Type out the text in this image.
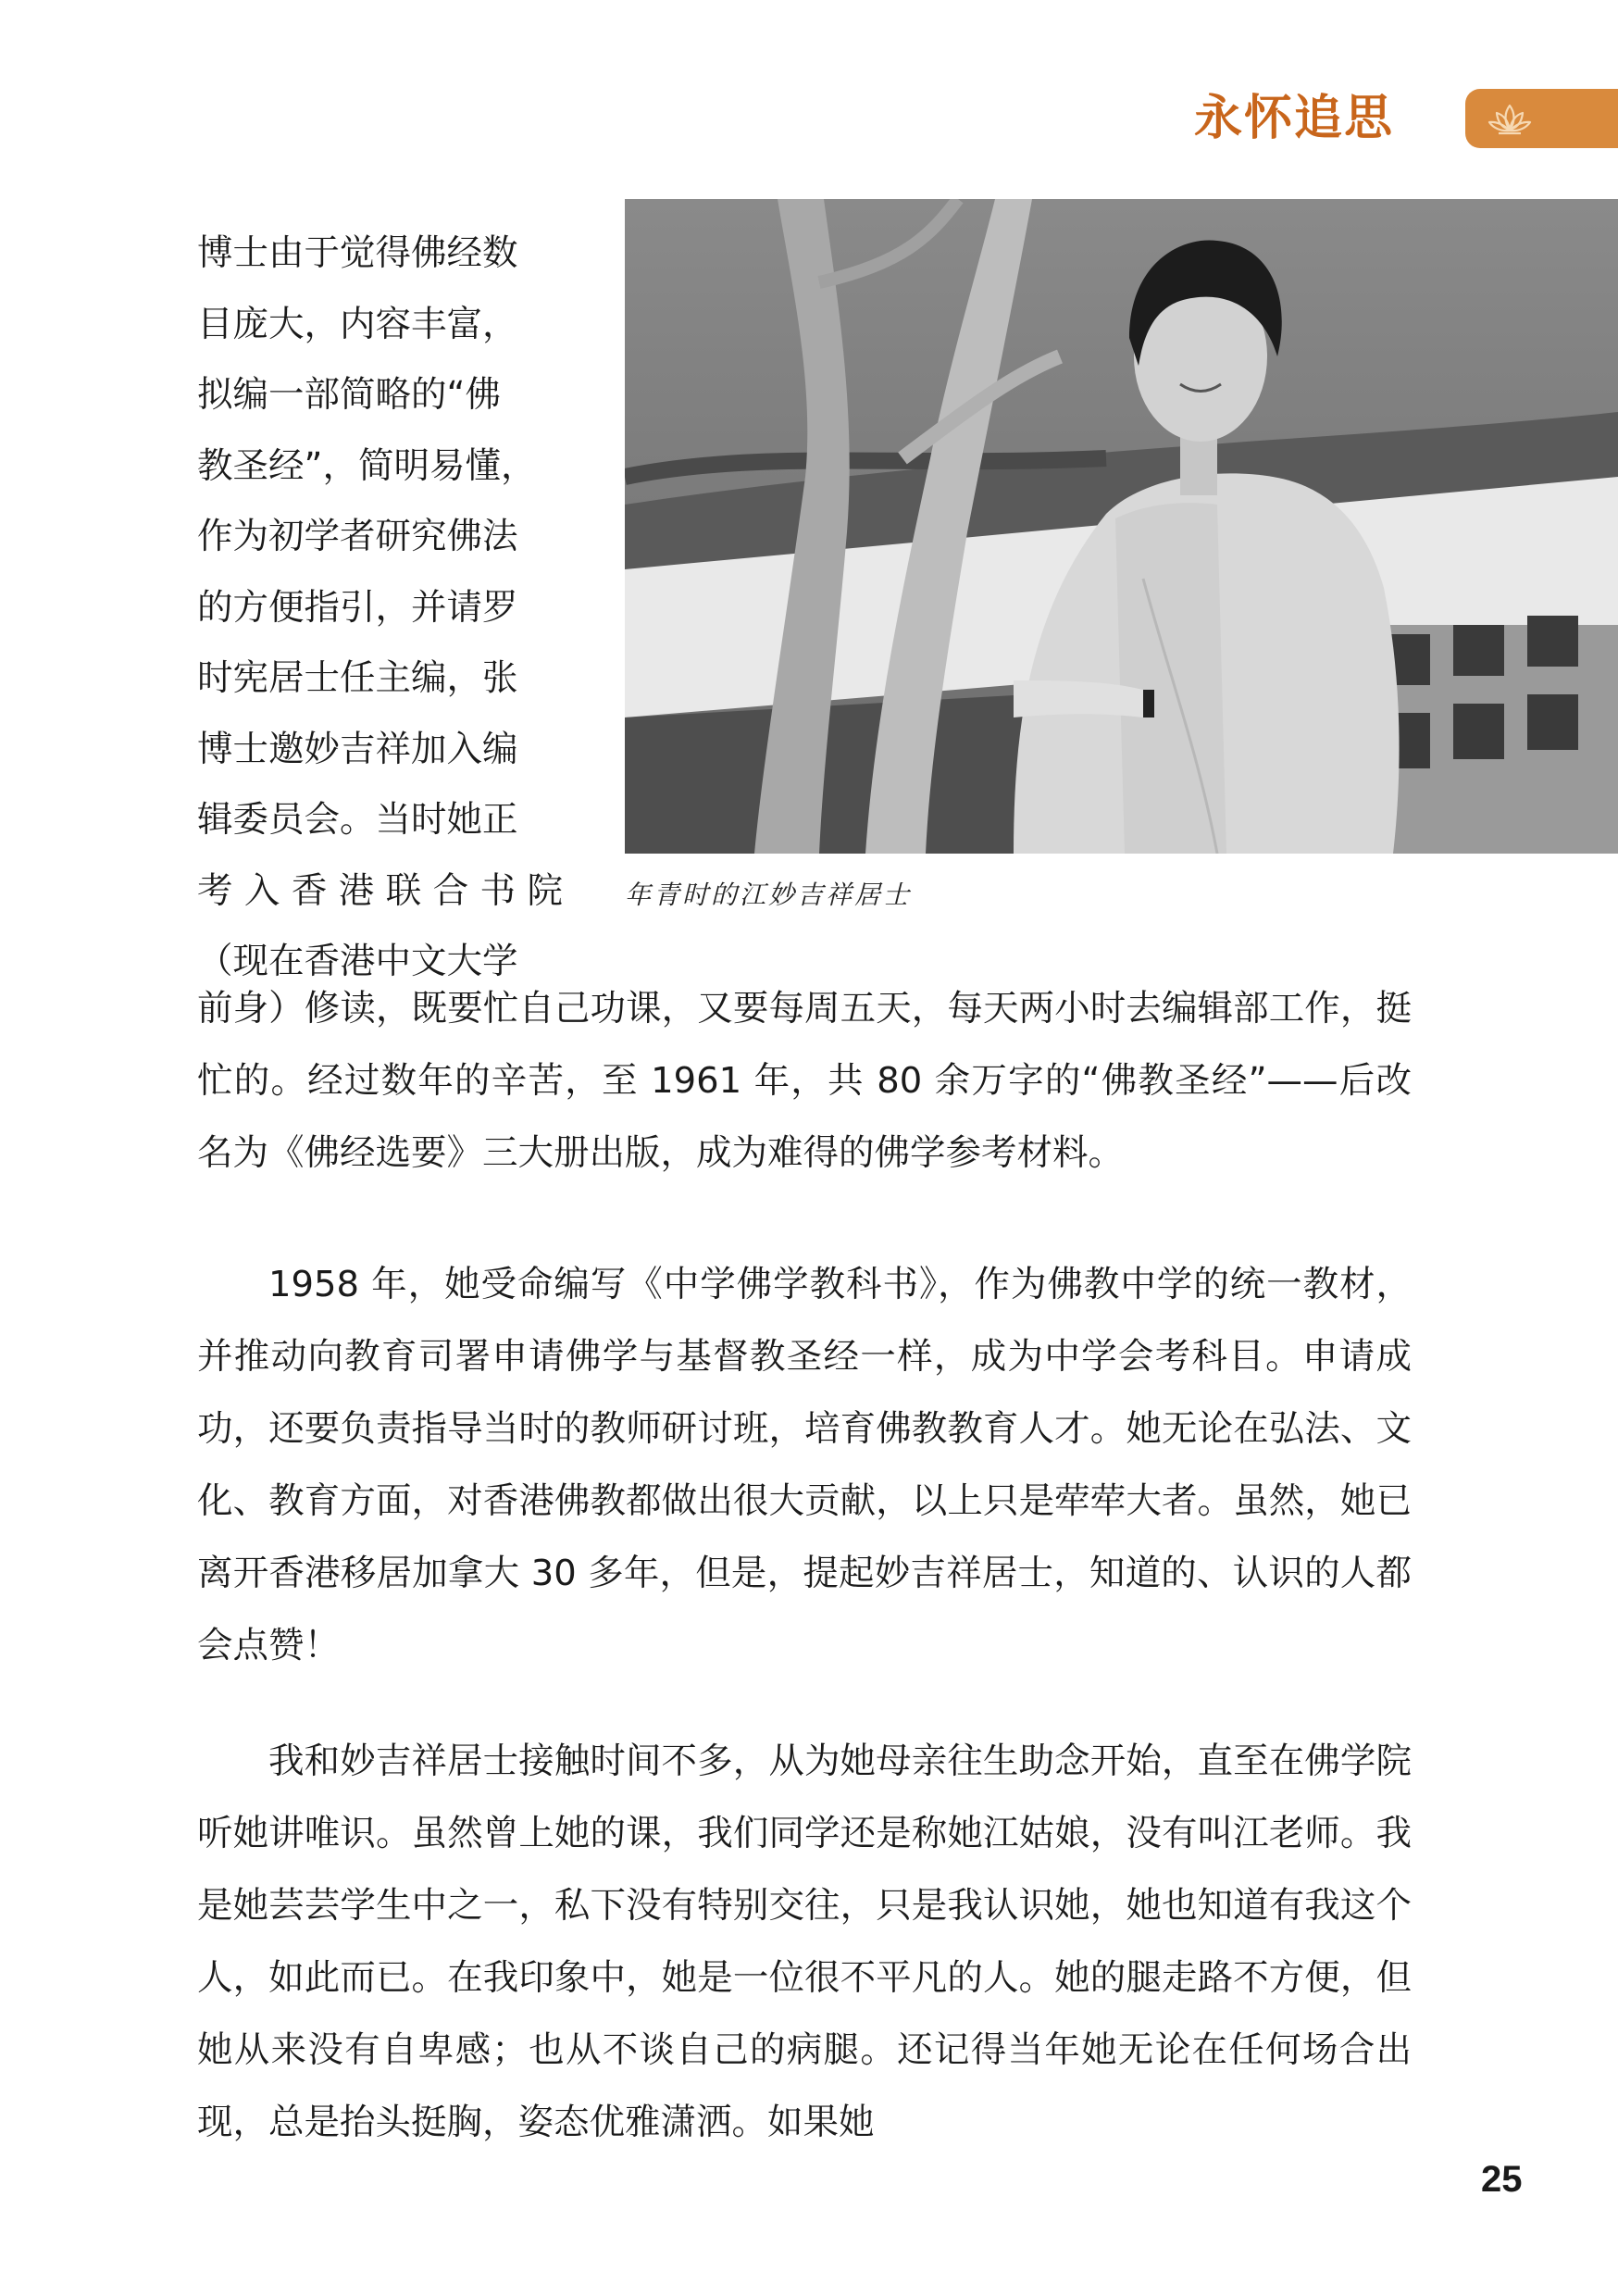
永怀追思
博士由于觉得佛经数
目庞大，内容丰富，
拟编一部简略的“佛
教圣经”，简明易懂，
作为初学者研究佛法
的方便指引，并请罗
时宪居士任主编，张
博士邀妙吉祥加入编
辑委员会。当时她正
考 入 香 港 联 合 书 院
（现在香港中文大学
年青时的江妙吉祥居士

前身）修读，既要忙自己功课，又要每周五天，每天两小时去编辑部工作，挺忙的。经过数年的辛苦，至 1961 年，共 80 余万字的“佛教圣经”——后改名为《佛经选要》三大册出版，成为难得的佛学参考材料。

1958 年，她受命编写《中学佛学教科书》，作为佛教中学的统一教材，并推动向教育司署申请佛学与基督教圣经一样，成为中学会考科目。申请成功，还要负责指导当时的教师研讨班，培育佛教教育人才。她无论在弘法、文化、教育方面，对香港佛教都做出很大贡献，以上只是荦荦大者。虽然，她已离开香港移居加拿大 30 多年，但是，提起妙吉祥居士，知道的、认识的人都会点赞！

我和妙吉祥居士接触时间不多，从为她母亲往生助念开始，直至在佛学院听她讲唯识。虽然曾上她的课，我们同学还是称她江姑娘，没有叫江老师。我是她芸芸学生中之一，私下没有特别交往，只是我认识她，她也知道有我这个人，如此而已。在我印象中，她是一位很不平凡的人。她的腿走路不方便，但她从来没有自卑感；也从不谈自己的病腿。还记得当年她无论在任何场合出现，总是抬头挺胸，姿态优雅潇洒。如果她

25
